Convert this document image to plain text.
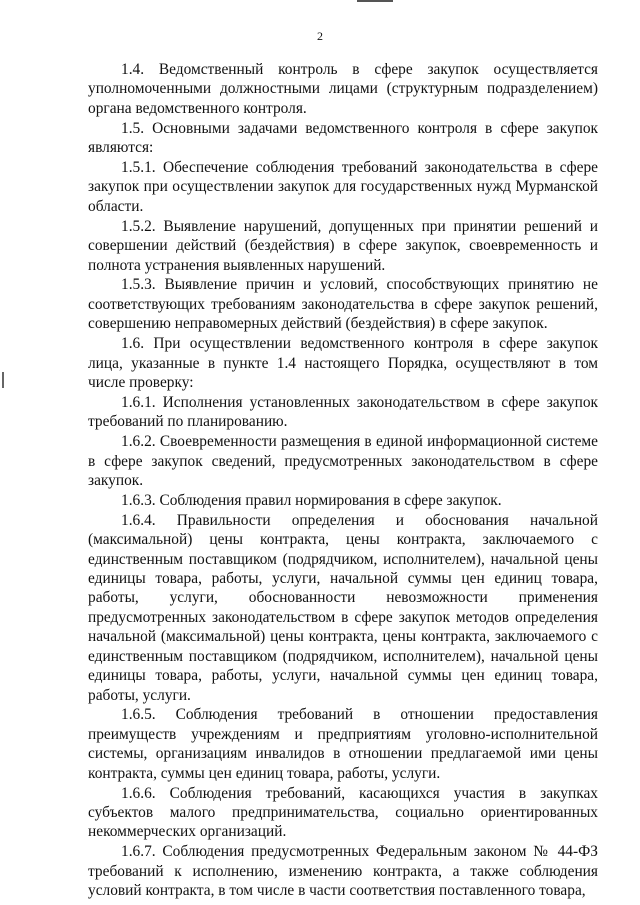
2

1.4. Ведомственный контроль в сфере закупок осуществляется уполномоченными должностными лицами (структурным подразделением) органа ведомственного контроля.

1.5. Основными задачами ведомственного контроля в сфере закупок являются:

1.5.1. Обеспечение соблюдения требований законодательства в сфере закупок при осуществлении закупок для государственных нужд Мурманской области.

1.5.2. Выявление нарушений, допущенных при принятии решений и совершении действий (бездействия) в сфере закупок, своевременность и полнота устранения выявленных нарушений.

1.5.3. Выявление причин и условий, способствующих принятию не соответствующих требованиям законодательства в сфере закупок решений, совершению неправомерных действий (бездействия) в сфере закупок.

1.6. При осуществлении ведомственного контроля в сфере закупок лица, указанные в пункте 1.4 настоящего Порядка, осуществляют в том числе проверку:

1.6.1. Исполнения установленных законодательством в сфере закупок требований по планированию.

1.6.2. Своевременности размещения в единой информационной системе в сфере закупок сведений, предусмотренных законодательством в сфере закупок.

1.6.3. Соблюдения правил нормирования в сфере закупок.

1.6.4. Правильности определения и обоснования начальной (максимальной) цены контракта, цены контракта, заключаемого с единственным поставщиком (подрядчиком, исполнителем), начальной цены единицы товара, работы, услуги, начальной суммы цен единиц товара, работы, услуги, обоснованности невозможности применения предусмотренных законодательством в сфере закупок методов определения начальной (максимальной) цены контракта, цены контракта, заключаемого с единственным поставщиком (подрядчиком, исполнителем), начальной цены единицы товара, работы, услуги, начальной суммы цен единиц товара, работы, услуги.

1.6.5. Соблюдения требований в отношении предоставления преимуществ учреждениям и предприятиям уголовно-исполнительной системы, организациям инвалидов в отношении предлагаемой ими цены контракта, суммы цен единиц товара, работы, услуги.

1.6.6. Соблюдения требований, касающихся участия в закупках субъектов малого предпринимательства, социально ориентированных некоммерческих организаций.

1.6.7. Соблюдения предусмотренных Федеральным законом № 44-ФЗ требований к исполнению, изменению контракта, а также соблюдения условий контракта, в том числе в части соответствия поставленного товара,
